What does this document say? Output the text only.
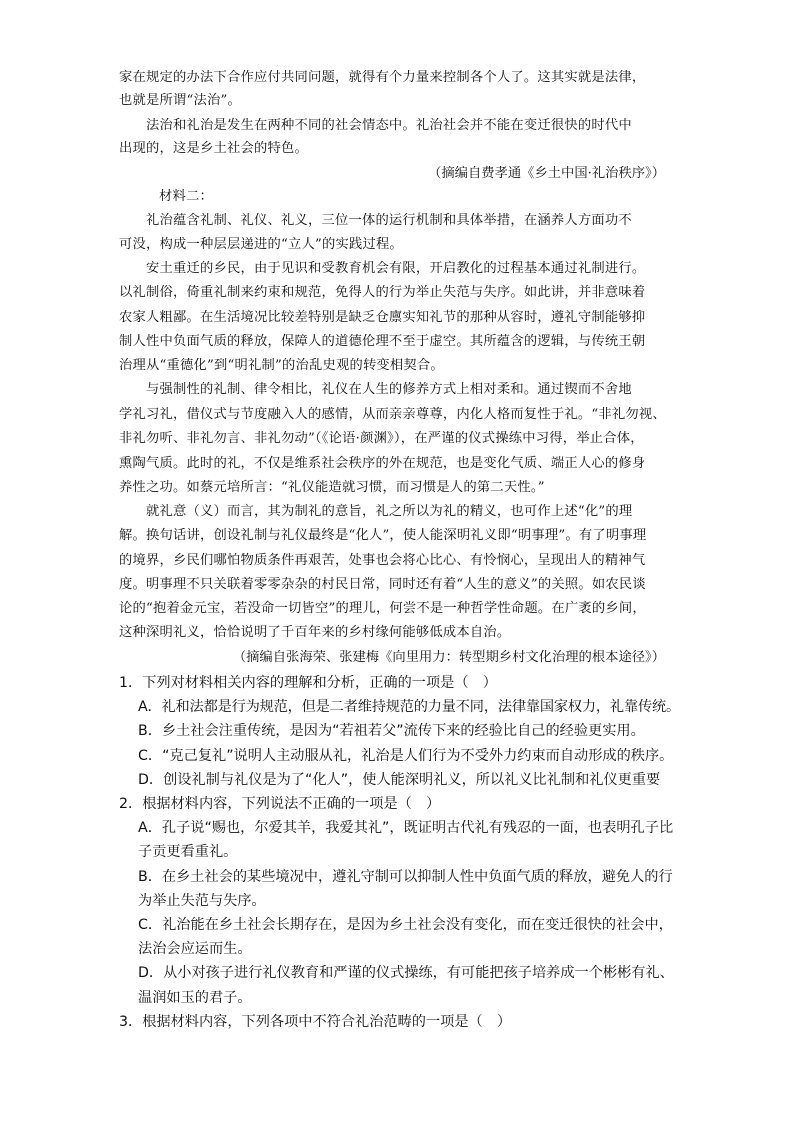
家在规定的办法下合作应付共同问题，就得有个力量来控制各个人了。这其实就是法律，
也就是所谓“法治”。
　　法治和礼治是发生在两种不同的社会情态中。礼治社会并不能在变迁很快的时代中
出现的，这是乡土社会的特色。
（摘编自费孝通《乡土中国·礼治秩序》）
材料二：
　　礼治蕴含礼制、礼仪、礼义，三位一体的运行机制和具体举措，在涵养人方面功不
可没，构成一种层层递进的“立人”的实践过程。
　　安土重迁的乡民，由于见识和受教育机会有限，开启教化的过程基本通过礼制进行。
以礼制俗，倚重礼制来约束和规范，免得人的行为举止失范与失序。如此讲，并非意味着
农家人粗鄙。在生活境况比较差特别是缺乏仓廪实知礼节的那种从容时，遵礼守制能够抑
制人性中负面气质的释放，保障人的道德伦理不至于虚空。其所蕴含的逻辑，与传统王朝
治理从“重德化”到“明礼制”的治乱史观的转变相契合。
　　与强制性的礼制、律令相比，礼仪在人生的修养方式上相对柔和。通过锲而不舍地
学礼习礼，借仪式与节度融入人的感情，从而亲亲尊尊，内化人格而复性于礼。“非礼勿视、
非礼勿听、非礼勿言、非礼勿动”（《论语·颜渊》），在严谨的仪式操练中习得，举止合体，
熏陶气质。此时的礼，不仅是维系社会秩序的外在规范，也是变化气质、端正人心的修身
养性之功。如蔡元培所言：“礼仪能造就习惯，而习惯是人的第二天性。”
　　就礼意（义）而言，其为制礼的意旨，礼之所以为礼的精义，也可作上述“化”的理
解。换句话讲，创设礼制与礼仪最终是“化人”，使人能深明礼义即“明事理”。有了明事理
的境界，乡民们哪怕物质条件再艰苦，处事也会将心比心、有怜悯心，呈现出人的精神气
度。明事理不只关联着零零杂杂的村民日常，同时还有着“人生的意义”的关照。如农民谈
论的“抱着金元宝，若没命一切皆空”的理儿，何尝不是一种哲学性命题。在广袤的乡间，
这种深明礼义，恰恰说明了千百年来的乡村缘何能够低成本自治。
（摘编自张海荣、张建梅《向里用力：转型期乡村文化治理的根本途径》）
1．下列对材料相关内容的理解和分析，正确的一项是（　）
A．礼和法都是行为规范，但是二者维持规范的力量不同，法律靠国家权力，礼靠传统。
B．乡土社会注重传统，是因为“若祖若父”流传下来的经验比自己的经验更实用。
C．“克己复礼”说明人主动服从礼，礼治是人们行为不受外力约束而自动形成的秩序。
D．创设礼制与礼仪是为了“化人”，使人能深明礼义，所以礼义比礼制和礼仪更重要
2．根据材料内容，下列说法不正确的一项是（　）
A．孔子说“赐也，尔爱其羊，我爱其礼”，既证明古代礼有残忍的一面，也表明孔子比
子贡更看重礼。
B．在乡土社会的某些境况中，遵礼守制可以抑制人性中负面气质的释放，避免人的行
为举止失范与失序。
C．礼治能在乡土社会长期存在，是因为乡土社会没有变化，而在变迁很快的社会中，
法治会应运而生。
D．从小对孩子进行礼仪教育和严谨的仪式操练，有可能把孩子培养成一个彬彬有礼、
温润如玉的君子。
3．根据材料内容，下列各项中不符合礼治范畴的一项是（　）
